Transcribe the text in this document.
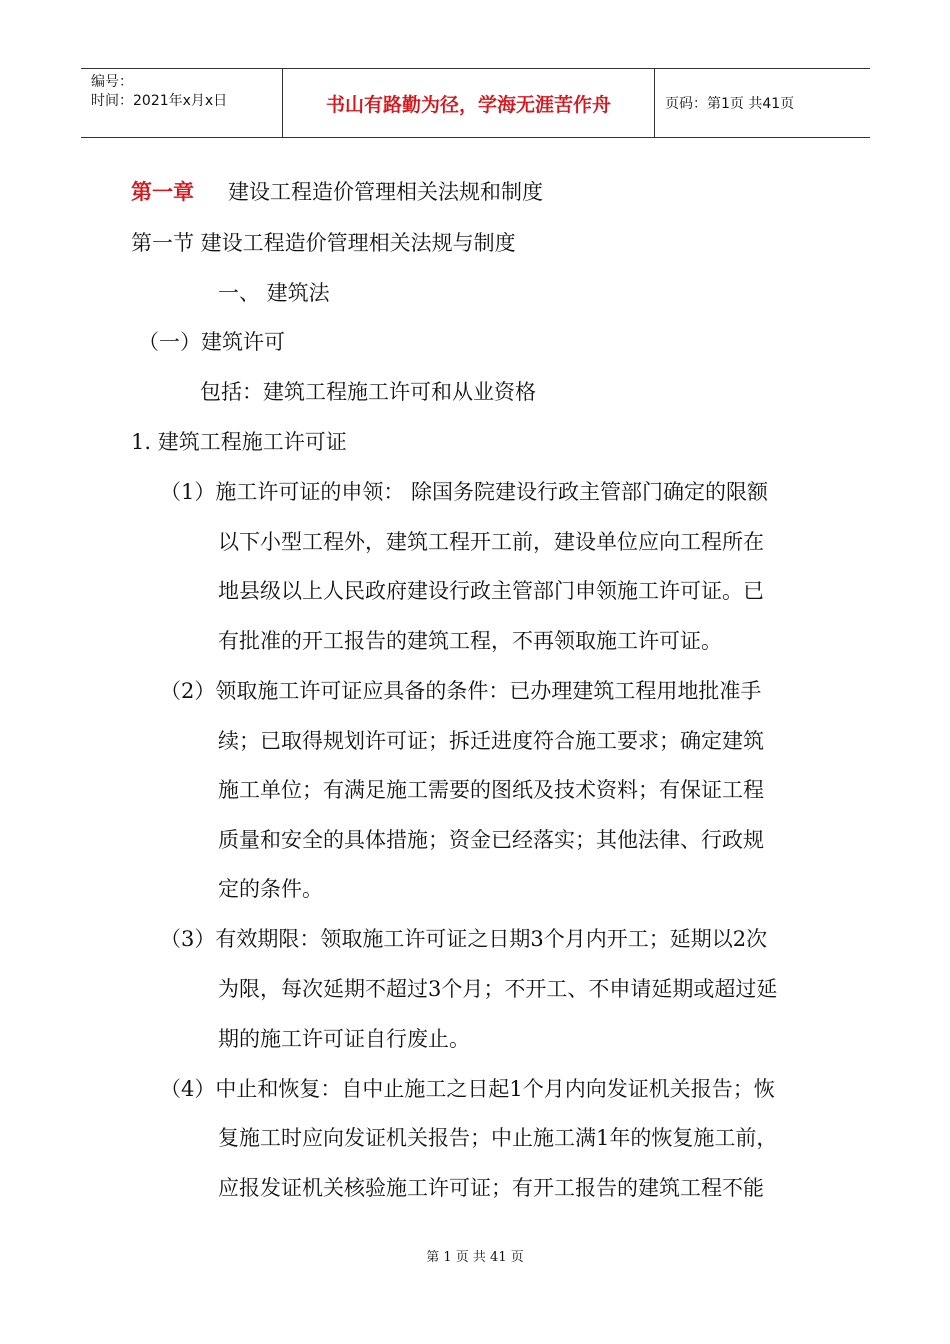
编号：
时间：2021年x月x日	书山有路勤为径，学海无涯苦作舟	页码：第1页 共41页
第一章 建设工程造价管理相关法规和制度
第一节 建设工程造价管理相关法规与制度
一、 建筑法
（一）建筑许可
包括：建筑工程施工许可和从业资格
1. 建筑工程施工许可证
（1）施工许可证的申领： 除国务院建设行政主管部门确定的限额
以下小型工程外，建筑工程开工前，建设单位应向工程所在
地县级以上人民政府建设行政主管部门申领施工许可证。已
有批准的开工报告的建筑工程，不再领取施工许可证。
（2）领取施工许可证应具备的条件：已办理建筑工程用地批准手
续；已取得规划许可证；拆迁进度符合施工要求；确定建筑
施工单位；有满足施工需要的图纸及技术资料；有保证工程
质量和安全的具体措施；资金已经落实；其他法律、行政规
定的条件。
（3）有效期限：领取施工许可证之日期3个月内开工；延期以2次
为限，每次延期不超过3个月；不开工、不申请延期或超过延
期的施工许可证自行废止。
（4）中止和恢复：自中止施工之日起1个月内向发证机关报告；恢
复施工时应向发证机关报告；中止施工满1年的恢复施工前，
应报发证机关核验施工许可证；有开工报告的建筑工程不能
第 1 页 共 41 页
